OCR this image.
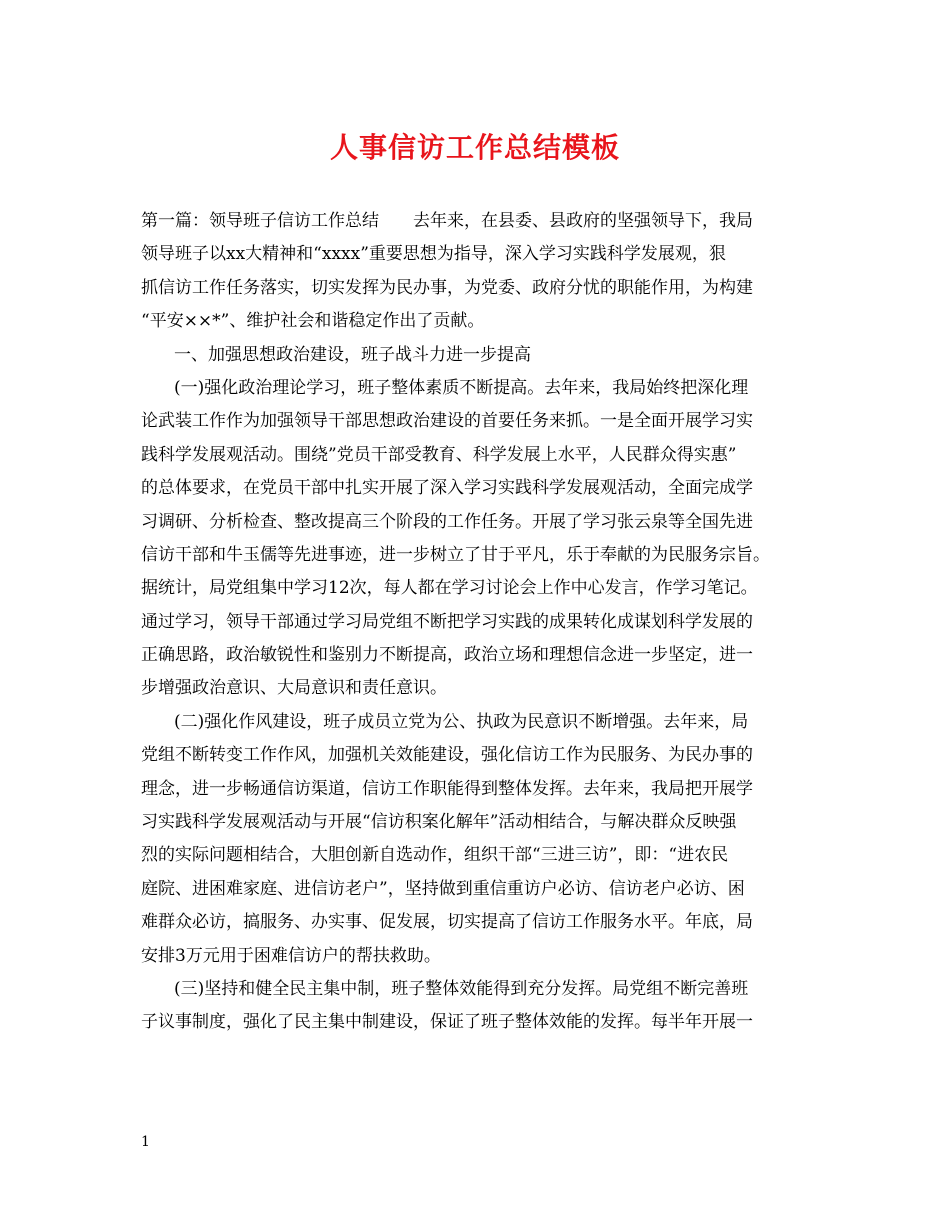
人事信访工作总结模板
第一篇：领导班子信访工作总结　　去年来，在县委、县政府的坚强领导下，我局
领导班子以xx大精神和“xxxx”重要思想为指导，深入学习实践科学发展观，狠
抓信访工作任务落实，切实发挥为民办事，为党委、政府分忧的职能作用，为构建
“平安××*”、维护社会和谐稳定作出了贡献。
一、加强思想政治建设，班子战斗力进一步提高
(一)强化政治理论学习，班子整体素质不断提高。去年来，我局始终把深化理
论武装工作作为加强领导干部思想政治建设的首要任务来抓。一是全面开展学习实
践科学发展观活动。围绕”党员干部受教育、科学发展上水平，人民群众得实惠”
的总体要求，在党员干部中扎实开展了深入学习实践科学发展观活动，全面完成学
习调研、分析检查、整改提高三个阶段的工作任务。开展了学习张云泉等全国先进
信访干部和牛玉儒等先进事迹，进一步树立了甘于平凡，乐于奉献的为民服务宗旨。
据统计，局党组集中学习12次，每人都在学习讨论会上作中心发言，作学习笔记。
通过学习，领导干部通过学习局党组不断把学习实践的成果转化成谋划科学发展的
正确思路，政治敏锐性和鉴别力不断提高，政治立场和理想信念进一步坚定，进一
步增强政治意识、大局意识和责任意识。
(二)强化作风建设，班子成员立党为公、执政为民意识不断增强。去年来，局
党组不断转变工作作风，加强机关效能建设，强化信访工作为民服务、为民办事的
理念，进一步畅通信访渠道，信访工作职能得到整体发挥。去年来，我局把开展学
习实践科学发展观活动与开展“信访积案化解年”活动相结合，与解决群众反映强
烈的实际问题相结合，大胆创新自选动作，组织干部“三进三访”，即：“进农民
庭院、进困难家庭、进信访老户”，坚持做到重信重访户必访、信访老户必访、困
难群众必访，搞服务、办实事、促发展，切实提高了信访工作服务水平。年底，局
安排3万元用于困难信访户的帮扶救助。
(三)坚持和健全民主集中制，班子整体效能得到充分发挥。局党组不断完善班
子议事制度，强化了民主集中制建设，保证了班子整体效能的发挥。每半年开展一
1
